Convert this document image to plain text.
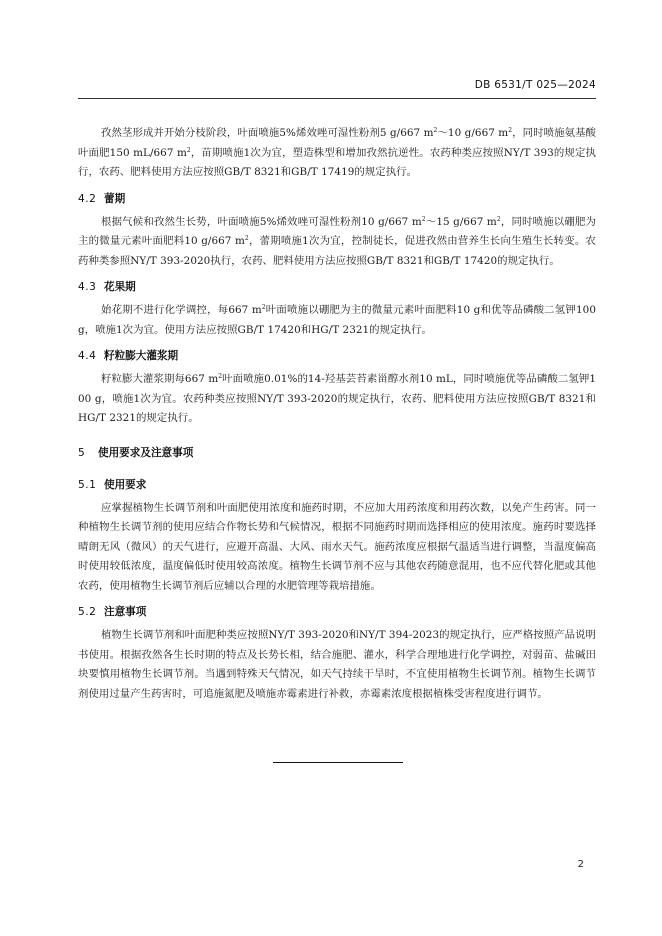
DB 6531/T 025—2024

孜然茎形成并开始分枝阶段，叶面喷施5%烯效唑可湿性粉剂5 g/667 $m^2\sim 10$ g/667 $m^2$，同时喷施氨基酸叶面肥150 mL/667 $m^2$，苗期喷施1次为宜，塑造株型和增加孜然抗逆性。农药种类应按照NY/T 393的规定执行，农药、肥料使用方法应按照GB/T 8321和GB/T 17419的规定执行。

4.2 蕾期

根据气候和孜然生长势，叶面喷施5%烯效唑可湿性粉剂10 g/667 $m^2\sim 15$ g/667 $m^2$，同时喷施以硼肥为主的微量元素叶面肥料10 g/667 $m^2$，蕾期喷施1次为宜，控制徒长，促进孜然由营养生长向生殖生长转变。农药种类参照NY/T 393-2020执行，农药、肥料使用方法应按照GB/T 8321和GB/T 17420的规定执行。

4.3 花果期

始花期不进行化学调控，每667 $m^2$叶面喷施以硼肥为主的微量元素叶面肥料10 g和优等品磷酸二氢钾100 g，喷施1次为宜。使用方法应按照GB/T 17420和HG/T 2321的规定执行。

4.4 籽粒膨大灌浆期

籽粒膨大灌浆期每667 $m^2$叶面喷施0.01%的14-羟基芸苔素甾醇水剂10 mL，同时喷施优等品磷酸二氢钾100 g，喷施1次为宜。农药种类应按照NY/T 393-2020的规定执行，农药、肥料使用方法应按照GB/T 8321和HG/T 2321的规定执行。

5 使用要求及注意事项
5.1 使用要求

应掌握植物生长调节剂和叶面肥使用浓度和施药时期，不应加大用药浓度和用药次数，以免产生药害。同一种植物生长调节剂的使用应结合作物长势和气候情况，根据不同施药时期而选择相应的使用浓度。施药时要选择晴朗无风（微风）的天气进行，应避开高温、大风、雨水天气。施药浓度应根据气温适当进行调整，当温度偏高时使用较低浓度，温度偏低时使用较高浓度。植物生长调节剂不应与其他农药随意混用，也不应代替化肥或其他农药，使用植物生长调节剂后应辅以合理的水肥管理等栽培措施。

5.2 注意事项

植物生长调节剂和叶面肥种类应按照NY/T 393-2020和NY/T 394-2023的规定执行，应严格按照产品说明书使用。根据孜然各生长时期的特点及长势长相，结合施肥、灌水，科学合理地进行化学调控，对弱苗、盐碱田块要慎用植物生长调节剂。当遇到特殊天气情况，如天气持续干旱时，不宜使用植物生长调节剂。植物生长调节剂使用过量产生药害时，可追施氮肥及喷施赤霉素进行补救，赤霉素浓度根据植株受害程度进行调节。

2
